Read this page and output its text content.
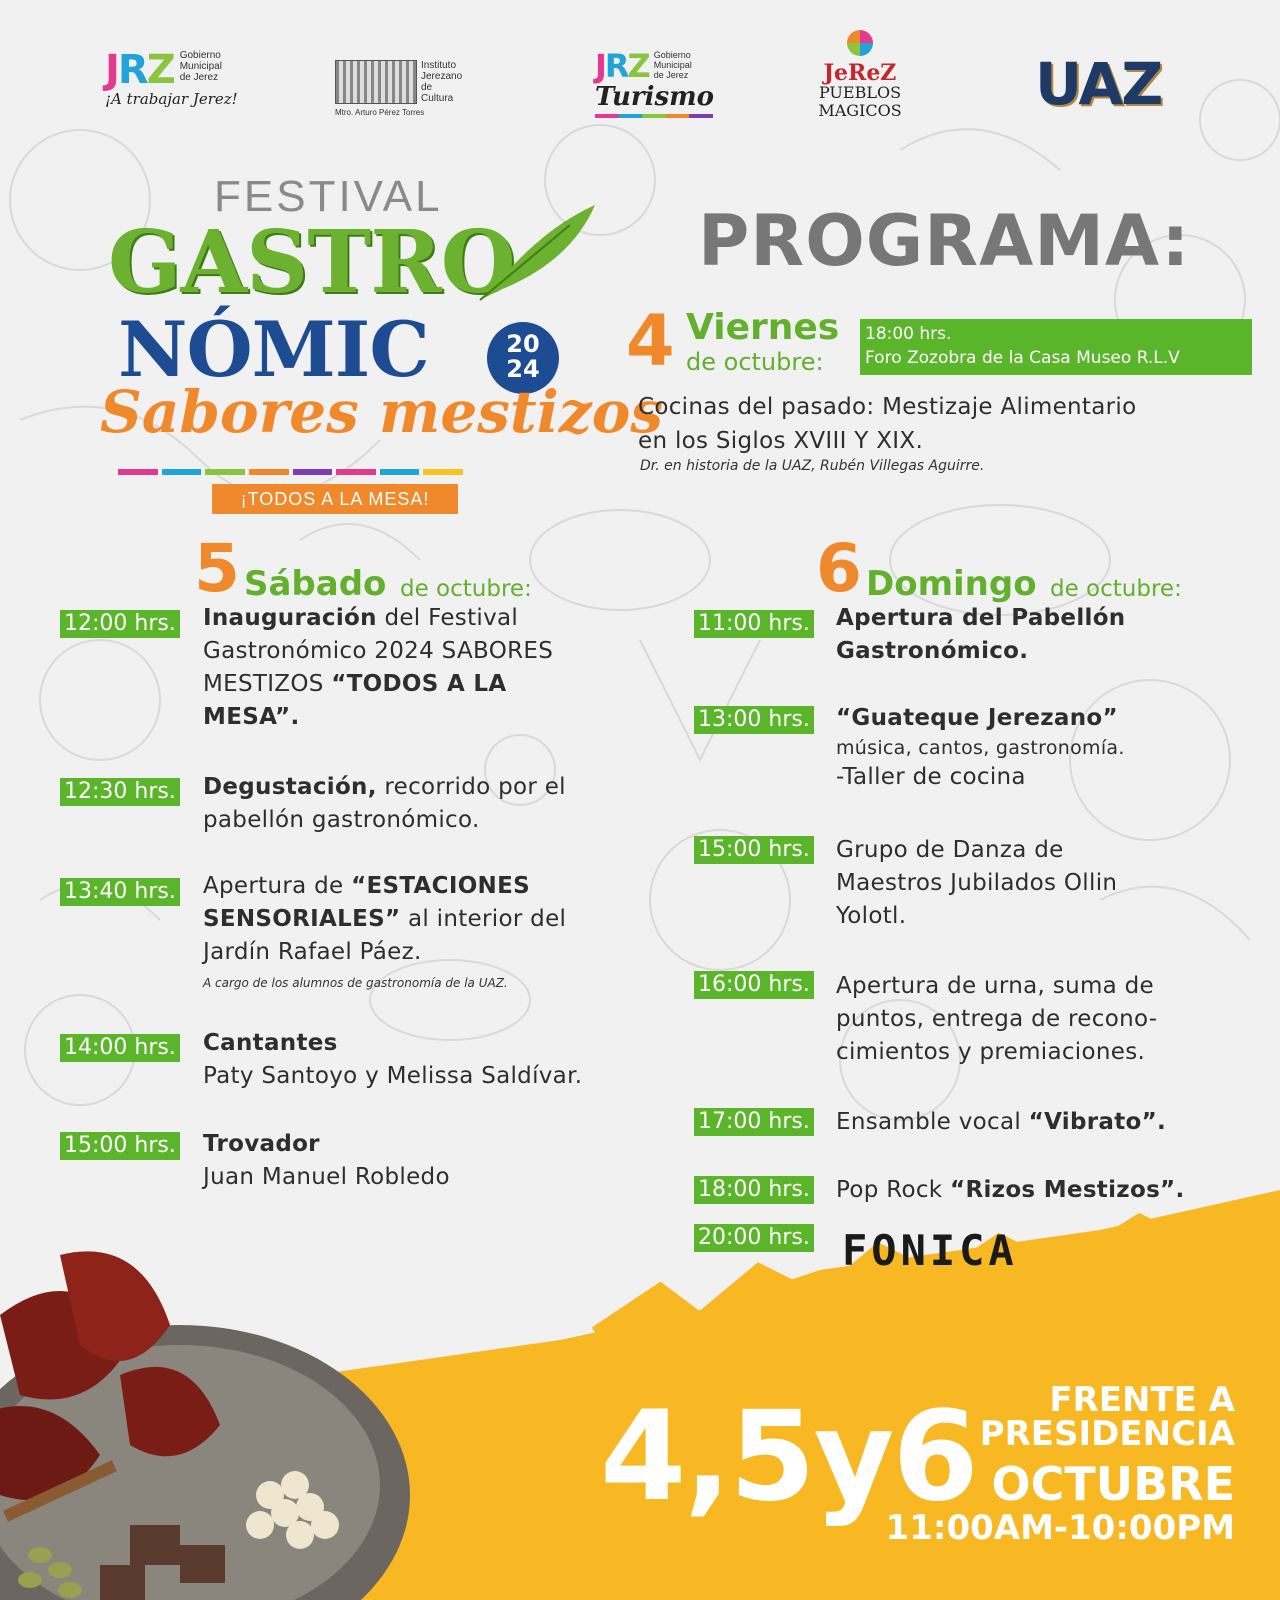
JRZ Gobierno
Municipal
de Jerez
¡A trabajar Jerez!
Instituto
Jerezano
de
Cultura
Mtro. Arturo Pérez Torres
JRZ Gobierno
Municipal
de Jerez
Turismo
JeReZ
PUEBLOS
MAGICOS UAZ
FESTIVAL
GASTRO
NÓMIC	20
24
Sabores mestizos
¡TODOS A LA MESA!
PROGRAMA:
4 Viernes
de octubre:
18:00 hrs.
Foro Zozobra de la Casa Museo R.L.V
Cocinas del pasado: Mestizaje Alimentario
en los Siglos XVIII Y XIX.
Dr. en historia de la UAZ, Rubén Villegas Aguirre.
5 Sábado de octubre:
12:00 hrs. Inauguración del Festival
Gastronómico 2024 SABORES
MESTIZOS “TODOS A LA
MESA”.
12:30 hrs. Degustación, recorrido por el
pabellón gastronómico.
13:40 hrs. Apertura de “ESTACIONES
SENSORIALES” al interior del
Jardín Rafael Páez.
A cargo de los alumnos de gastronomía de la UAZ.
14:00 hrs. Cantantes
Paty Santoyo y Melissa Saldívar.
15:00 hrs. Trovador
Juan Manuel Robledo
6 Domingo de octubre:
11:00 hrs. Apertura del Pabellón
Gastronómico.
13:00 hrs. “Guateque Jerezano”
música, cantos, gastronomía.
-Taller de cocina
15:00 hrs. Grupo de Danza de
Maestros Jubilados Ollin
Yolotl.
16:00 hrs. Apertura de urna, suma de
puntos, entrega de recono-
cimientos y premiaciones.
17:00 hrs. Ensamble vocal “Vibrato”.
18:00 hrs. Pop Rock “Rizos Mestizos”.
20:00 hrs. FONICA
4,5y6	FRENTE A
PRESIDENCIA
OCTUBRE
11:00AM-10:00PM
